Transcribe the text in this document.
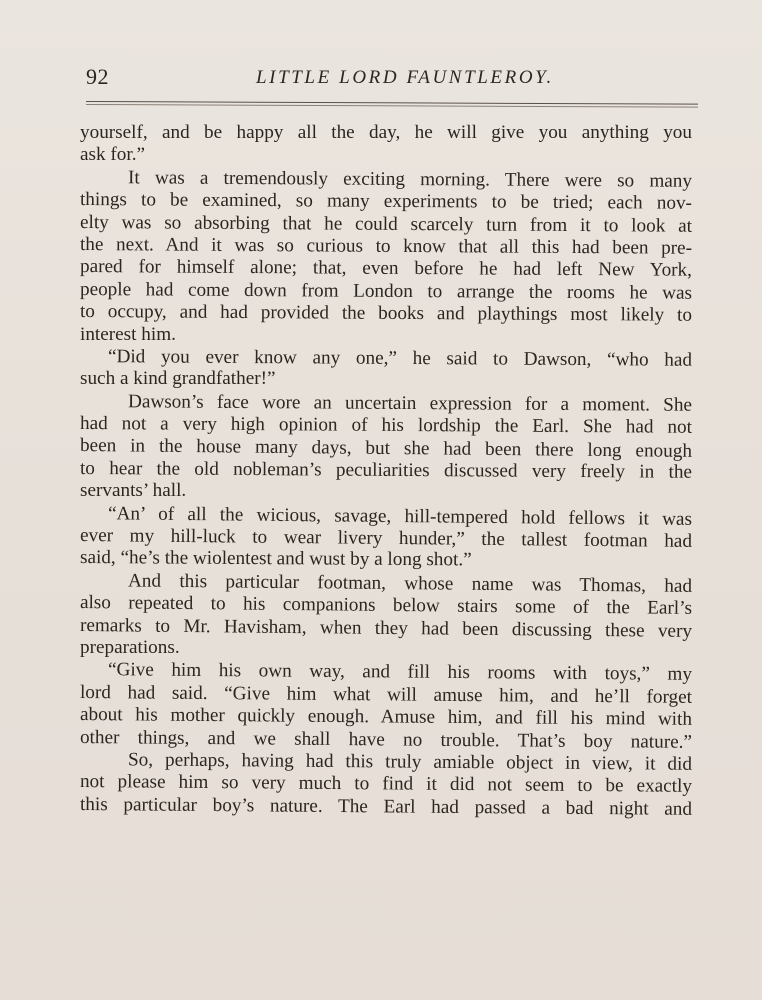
92	LITTLE LORD FAUNTLEROY.
yourself, and be happy all the day, he will give you anything you
ask for.”
It was a tremendously exciting morning. There were so many
things to be examined, so many experiments to be tried; each nov-
elty was so absorbing that he could scarcely turn from it to look at
the next. And it was so curious to know that all this had been pre-
pared for himself alone; that, even before he had left New York,
people had come down from London to arrange the rooms he was
to occupy, and had provided the books and playthings most likely to
interest him.
“Did you ever know any one,” he said to Dawson, “who had
such a kind grandfather!”
Dawson’s face wore an uncertain expression for a moment. She
had not a very high opinion of his lordship the Earl. She had not
been in the house many days, but she had been there long enough
to hear the old nobleman’s peculiarities discussed very freely in the
servants’ hall.
“An’ of all the wicious, savage, hill-tempered hold fellows it was
ever my hill-luck to wear livery hunder,” the tallest footman had
said, “he’s the wiolentest and wust by a long shot.”
And this particular footman, whose name was Thomas, had
also repeated to his companions below stairs some of the Earl’s
remarks to Mr. Havisham, when they had been discussing these very
preparations.
“Give him his own way, and fill his rooms with toys,” my
lord had said. “Give him what will amuse him, and he’ll forget
about his mother quickly enough. Amuse him, and fill his mind with
other things, and we shall have no trouble. That’s boy nature.”
So, perhaps, having had this truly amiable object in view, it did
not please him so very much to find it did not seem to be exactly
this particular boy’s nature. The Earl had passed a bad night and
